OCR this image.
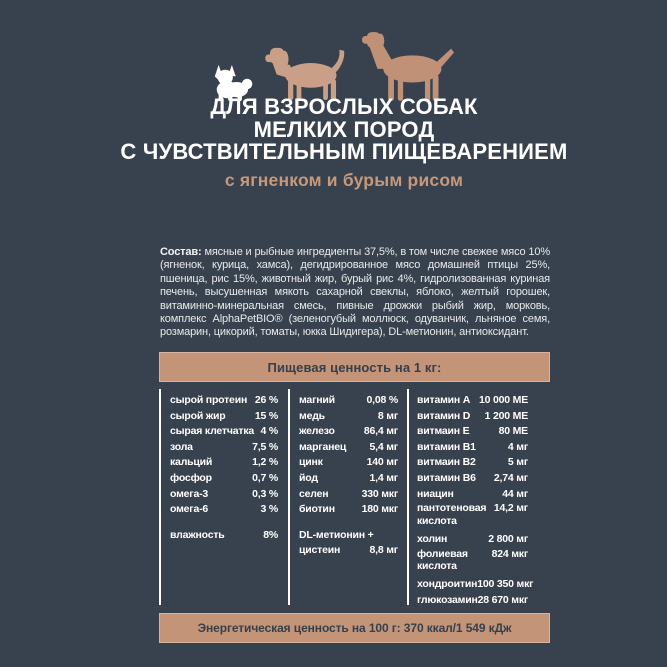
ДЛЯ ВЗРОСЛЫХ СОБАК
МЕЛКИХ ПОРОД
С ЧУВСТВИТЕЛЬНЫМ ПИЩЕВАРЕНИЕМ
с ягненком и бурым рисом

Состав: мясные и рыбные ингредиенты 37,5%, в том числе свежее мясо 10% (ягненок, курица, хамса), дегидрированное мясо домашней птицы 25%, пшеница, рис 15%, животный жир, бурый рис 4%, гидролизованная куриная печень, высушенная мякоть сахарной свеклы, яблоко, желтый горошек, витаминно-минеральная смесь, пивные дрожжи рыбий жир, морковь, комплекс AlphaPetBIO® (зеленогубый моллюск, одуванчик, льняное семя, розмарин, цикорий, томаты, юкка Шидигера), DL-метионин, антиоксидант.

Пищевая ценность на 1 кг:
сырой протеин 26 %
сырой жир	15 %
сырая клетчатка 4 %
зола	7,5 %
кальций	1,2 %
фосфор	0,7 %
омега-3	0,3 %
омега-6	3 %
влажность	8%
магний	0,08 %
медь	8 мг
железо	86,4 мг
марганец 5,4 мг
цинк	140 мг
йод	1,4 мг
селен	330 мкг
биотин	180 мкг
DL-метионин +
цистеин	8,8 мг
витамин A 10 000 МЕ
витамин D 1 200 МЕ
витмаин E	80 МЕ
витамин B1	4 мг
витмаин B2	5 мг
витамин B6 2,74 мг
ниацин	44 мг
пантотеновая
кислота
14,2 мг
холин	2 800 мг
фолиевая
кислота
824 мкг
хондроитин 100 350 мкг
глюкозамин 28 670 мкг
Энергетическая ценность на 100 г: 370 ккал/1 549 кДж
